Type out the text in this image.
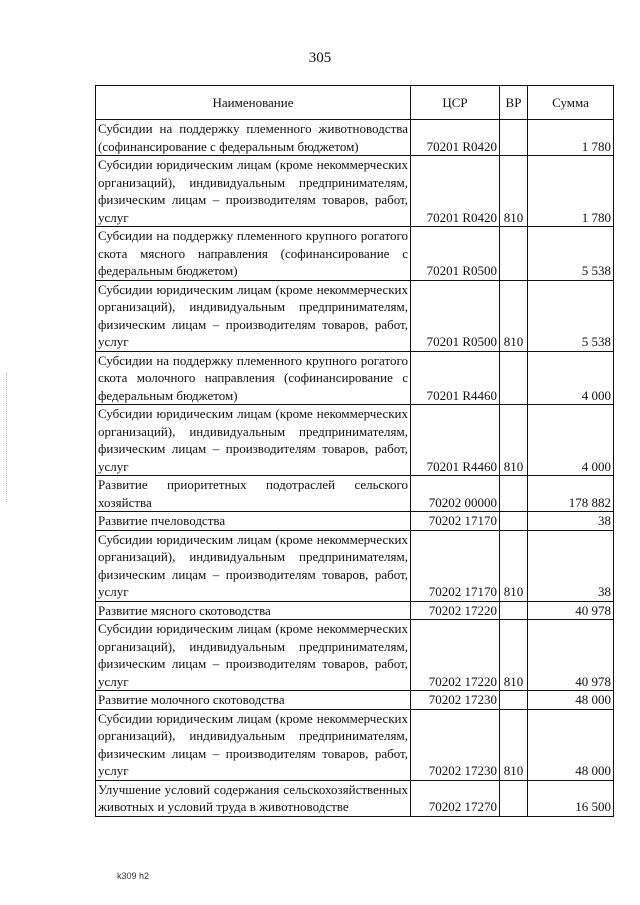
305
Наименование	ЦСР	ВР	Сумма
Субсидии на поддержку племенного животноводства (софинансирование с федеральным бюджетом)	70201 R0420		1 780
Субсидии юридическим лицам (кроме некоммерческих организаций), индивидуальным предпринимателям, физическим лицам – производителям товаров, работ, услуг	70201 R0420	810	1 780
Субсидии на поддержку племенного крупного рогатого скота мясного направления (софинансирование с федеральным бюджетом)	70201 R0500		5 538
Субсидии юридическим лицам (кроме некоммерческих организаций), индивидуальным предпринимателям, физическим лицам – производителям товаров, работ, услуг	70201 R0500	810	5 538
Субсидии на поддержку племенного крупного рогатого скота молочного направления (софинансирование с федеральным бюджетом)	70201 R4460		4 000
Субсидии юридическим лицам (кроме некоммерческих организаций), индивидуальным предпринимателям, физическим лицам – производителям товаров, работ, услуг	70201 R4460	810	4 000
Развитие приоритетных подотраслей сельского хозяйства	70202 00000		178 882
Развитие пчеловодства	70202 17170		38
Субсидии юридическим лицам (кроме некоммерческих организаций), индивидуальным предпринимателям, физическим лицам – производителям товаров, работ, услуг	70202 17170	810	38
Развитие мясного скотоводства	70202 17220		40 978
Субсидии юридическим лицам (кроме некоммерческих организаций), индивидуальным предпринимателям, физическим лицам – производителям товаров, работ, услуг	70202 17220	810	40 978
Развитие молочного скотоводства	70202 17230		48 000
Субсидии юридическим лицам (кроме некоммерческих организаций), индивидуальным предпринимателям, физическим лицам – производителям товаров, работ, услуг	70202 17230	810	48 000
Улучшение условий содержания сельскохозяйственных животных и условий труда в животноводстве	70202 17270		16 500
k309 h2
